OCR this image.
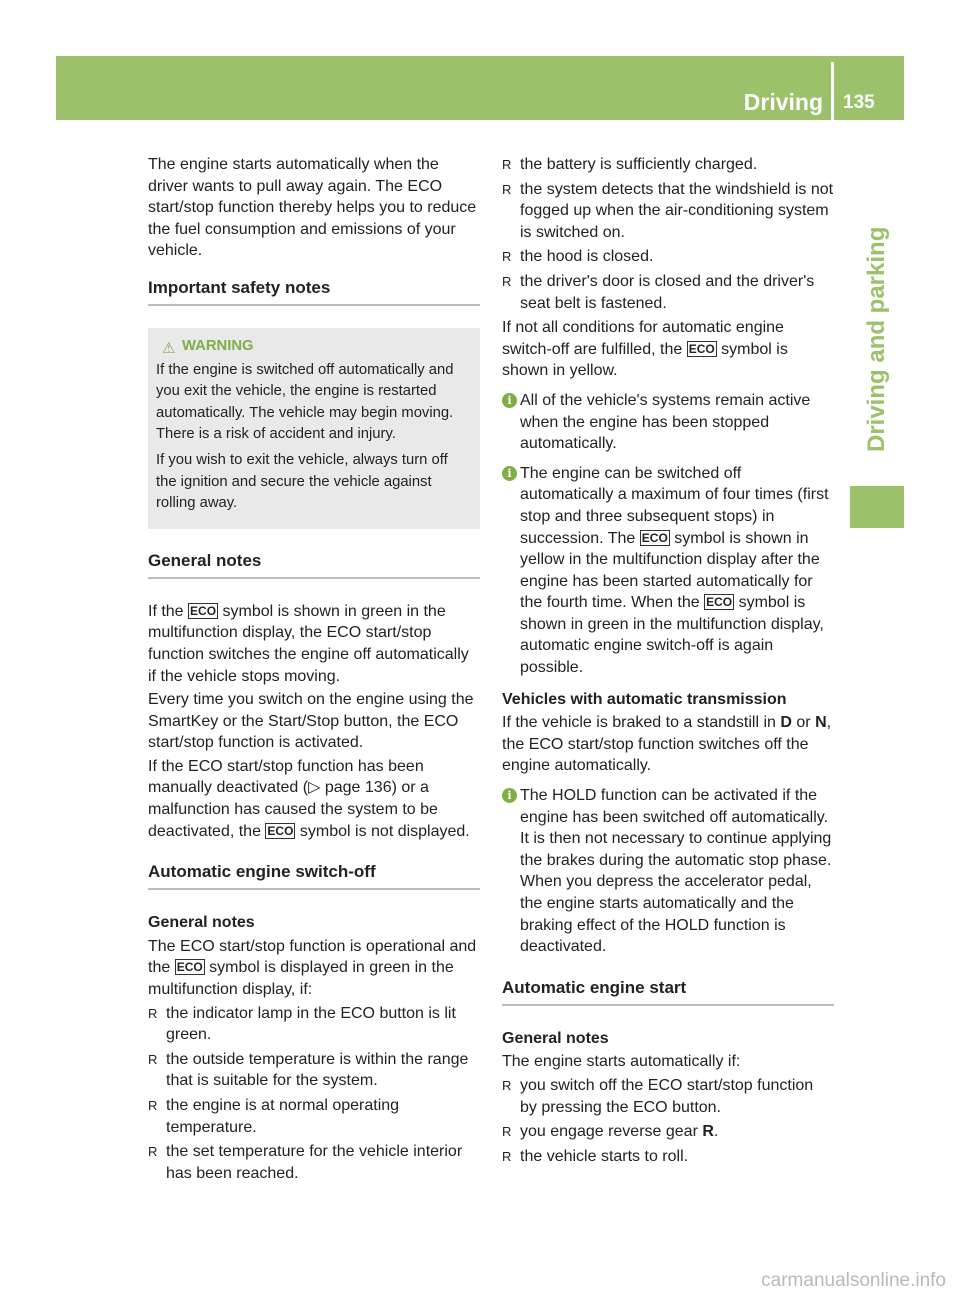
Driving 135
Driving and parking

The engine starts automatically when the driver wants to pull away again. The ECO start/stop function thereby helps you to reduce the fuel consumption and emissions of your vehicle.

Important safety notes
⚠ WARNING

If the engine is switched off automatically and you exit the vehicle, the engine is restarted automatically. The vehicle may begin moving. There is a risk of accident and injury.

If you wish to exit the vehicle, always turn off the ignition and secure the vehicle against rolling away.

General notes

If the ECO symbol is shown in green in the multifunction display, the ECO start/stop function switches the engine off automatically if the vehicle stops moving.

Every time you switch on the engine using the SmartKey or the Start/Stop button, the ECO start/stop function is activated.

If the ECO start/stop function has been manually deactivated (▷ page 136) or a malfunction has caused the system to be deactivated, the ECO symbol is not displayed.

Automatic engine switch-off
General notes

The ECO start/stop function is operational and the ECO symbol is displayed in green in the multifunction display, if:

R the indicator lamp in the ECO button is lit green.
R the outside temperature is within the range that is suitable for the system.
R the engine is at normal operating temperature.
R the set temperature for the vehicle interior has been reached.
R the battery is sufficiently charged.
R the system detects that the windshield is not fogged up when the air-conditioning system is switched on.
R the hood is closed.
R the driver's door is closed and the driver's seat belt is fastened.

If not all conditions for automatic engine switch-off are fulfilled, the ECO symbol is shown in yellow.

i All of the vehicle's systems remain active when the engine has been stopped automatically.
i The engine can be switched off automatically a maximum of four times (first stop and three subsequent stops) in succession. The ECO symbol is shown in yellow in the multifunction display after the engine has been started automatically for the fourth time. When the ECO symbol is shown in green in the multifunction display, automatic engine switch-off is again possible.
Vehicles with automatic transmission

If the vehicle is braked to a standstill in D or N, the ECO start/stop function switches off the engine automatically.

i The HOLD function can be activated if the engine has been switched off automatically. It is then not necessary to continue applying the brakes during the automatic stop phase. When you depress the accelerator pedal, the engine starts automatically and the braking effect of the HOLD function is deactivated.
Automatic engine start
General notes

The engine starts automatically if:

R you switch off the ECO start/stop function by pressing the ECO button.
R you engage reverse gear R.
R the vehicle starts to roll.
carmanualsonline.info
